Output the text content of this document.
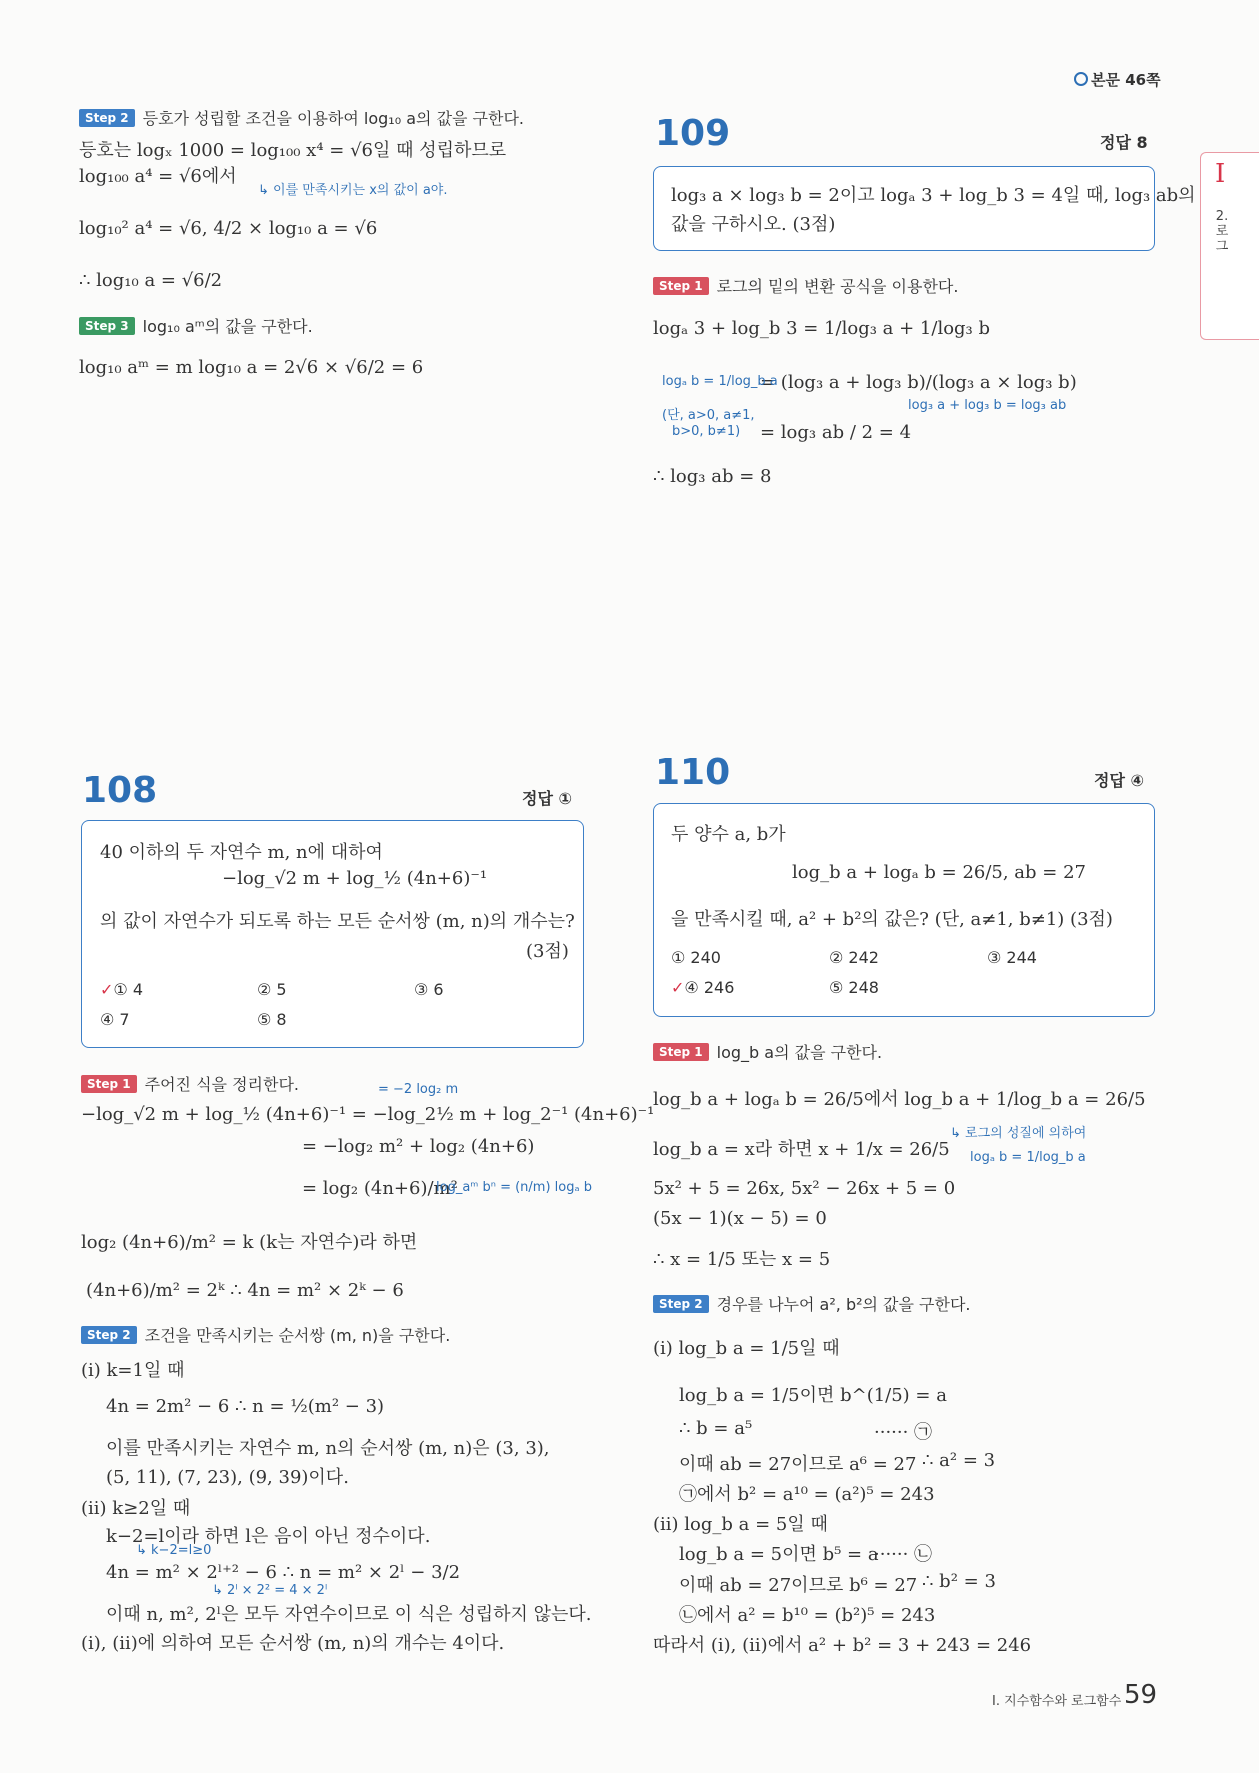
본문 46쪽
I
2. 로그
Step 2 등호가 성립할 조건을 이용하여 log₁₀ a의 값을 구한다.
등호는 logₓ 1000 = log₁₀₀ x⁴ = √6일 때 성립하므로
log₁₀₀ a⁴ = √6에서
↳ 이를 만족시키는 x의 값이 a야.
log₁₀² a⁴ = √6, 4/2 × log₁₀ a = √6
∴ log₁₀ a = √6/2
Step 3 log₁₀ aᵐ의 값을 구한다.
log₁₀ aᵐ = m log₁₀ a = 2√6 × √6/2 = 6
109	정답 8
log₃ a × log₃ b = 2이고 logₐ 3 + log_b 3 = 4일 때, log₃ ab의
값을 구하시오. (3점)
Step 1 로그의 밑의 변환 공식을 이용한다.
logₐ 3 + log_b 3 = 1/log₃ a + 1/log₃ b
= (log₃ a + log₃ b)/(log₃ a × log₃ b)
= log₃ ab / 2 = 4
logₐ b = 1/log_b a
(단, a>0, a≠1,
b>0, b≠1)
log₃ a + log₃ b = log₃ ab
∴ log₃ ab = 8
108	정답 ①
40 이하의 두 자연수 m, n에 대하여
−log_√2 m + log_½ (4n+6)⁻¹
의 값이 자연수가 되도록 하는 모든 순서쌍 (m, n)의 개수는?
(3점)
✓① 4	② 5	③ 6
④ 7	⑤ 8
Step 1 주어진 식을 정리한다.	= −2 log₂ m
−log_√2 m + log_½ (4n+6)⁻¹ = −log_2½ m + log_2⁻¹ (4n+6)⁻¹
= −log₂ m² + log₂ (4n+6)
= log₂ (4n+6)/m²
log_aᵐ bⁿ = (n/m) logₐ b
log₂ (4n+6)/m² = k (k는 자연수)라 하면
(4n+6)/m² = 2ᵏ ∴ 4n = m² × 2ᵏ − 6
Step 2 조건을 만족시키는 순서쌍 (m, n)을 구한다.
(i) k=1일 때
4n = 2m² − 6 ∴ n = ½(m² − 3)
이를 만족시키는 자연수 m, n의 순서쌍 (m, n)은 (3, 3),
(5, 11), (7, 23), (9, 39)이다.
(ii) k≥2일 때
k−2=l이라 하면 l은 음이 아닌 정수이다.
↳ k−2=l≥0
4n = m² × 2ˡ⁺² − 6 ∴ n = m² × 2ˡ − 3/2
↳ 2ˡ × 2² = 4 × 2ˡ
이때 n, m², 2ˡ은 모두 자연수이므로 이 식은 성립하지 않는다.
(i), (ii)에 의하여 모든 순서쌍 (m, n)의 개수는 4이다.
110	정답 ④
두 양수 a, b가
log_b a + logₐ b = 26/5, ab = 27
을 만족시킬 때, a² + b²의 값은? (단, a≠1, b≠1) (3점)
① 240	② 242	③ 244
✓④ 246	⑤ 248
Step 1 log_b a의 값을 구한다.
log_b a + logₐ b = 26/5에서 log_b a + 1/log_b a = 26/5
↳ 로그의 성질에 의하여
logₐ b = 1/log_b a
log_b a = x라 하면 x + 1/x = 26/5
5x² + 5 = 26x, 5x² − 26x + 5 = 0
(5x − 1)(x − 5) = 0
∴ x = 1/5 또는 x = 5
Step 2 경우를 나누어 a², b²의 값을 구한다.
(i) log_b a = 1/5일 때
log_b a = 1/5이면 b^(1/5) = a
∴ b = a⁵	······ ㉠
이때 ab = 27이므로 a⁶ = 27 ∴ a² = 3
㉠에서 b² = a¹⁰ = (a²)⁵ = 243
(ii) log_b a = 5일 때
log_b a = 5이면 b⁵ = a
······ ㉡
이때 ab = 27이므로 b⁶ = 27 ∴ b² = 3
㉡에서 a² = b¹⁰ = (b²)⁵ = 243
따라서 (i), (ii)에서 a² + b² = 3 + 243 = 246
I. 지수함수와 로그함수 59
